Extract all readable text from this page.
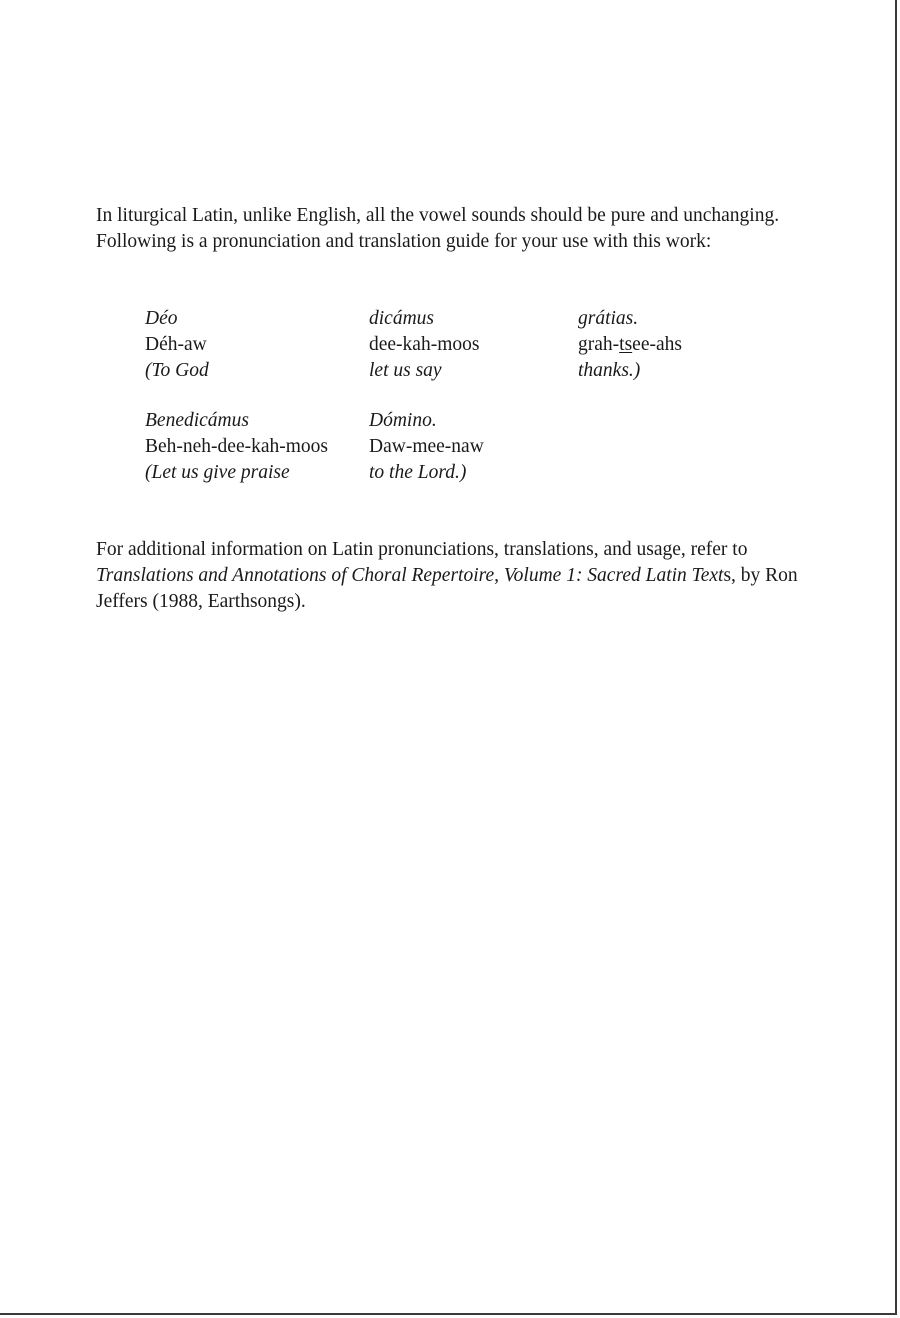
In liturgical Latin, unlike English, all the vowel sounds should be pure and unchanging. Following is a pronunciation and translation guide for your use with this work:

Déo	dicámus	grátias.
Déh-aw	dee-kah-moos	grah-tsee-ahs
(To God	let us say	thanks.)
Benedicámus	Dómino.
Beh-neh-dee-kah-moos	Daw-mee-naw
(Let us give praise	to the Lord.)

For additional information on Latin pronunciations, translations, and usage, refer to Translations and Annotations of Choral Repertoire, Volume 1: Sacred Latin Texts, by Ron Jeffers (1988, Earthsongs).
